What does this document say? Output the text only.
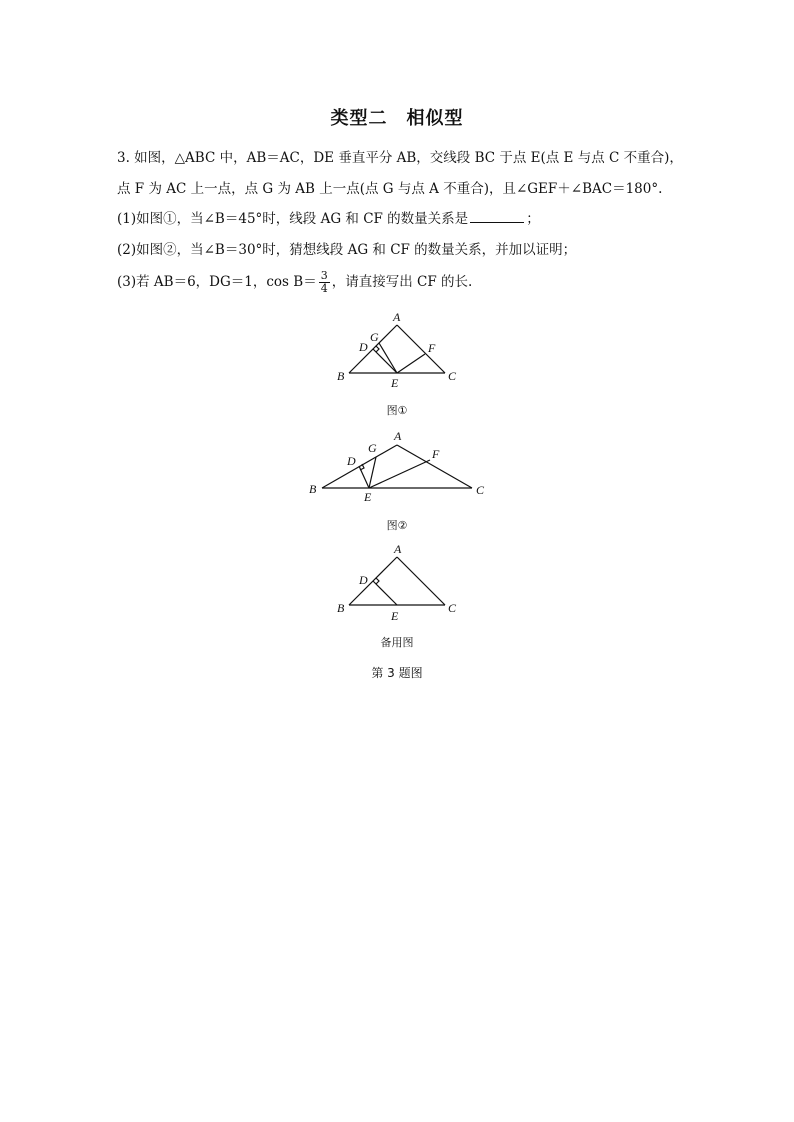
类型二　相似型
3. 如图，△ABC 中，AB＝AC，DE 垂直平分 AB，交线段 BC 于点 E(点 E 与点 C 不重合)，
点 F 为 AC 上一点，点 G 为 AB 上一点(点 G 与点 A 不重合)，且∠GEF＋∠BAC＝180°.
(1)如图①，当∠B＝45°时，线段 AG 和 CF 的数量关系是	；
(2)如图②，当∠B＝30°时，猜想线段 AG 和 CF 的数量关系，并加以证明；
(3)若 AB＝6，DG＝1，$\cos B= \frac{3}{4}$ ，请直接写出 CF 的长.
A
G
D	F
B	E	C
图①
A
G
D	F
B
E	C
图②
A
D
B
E
C
备用图
第 3 题图
